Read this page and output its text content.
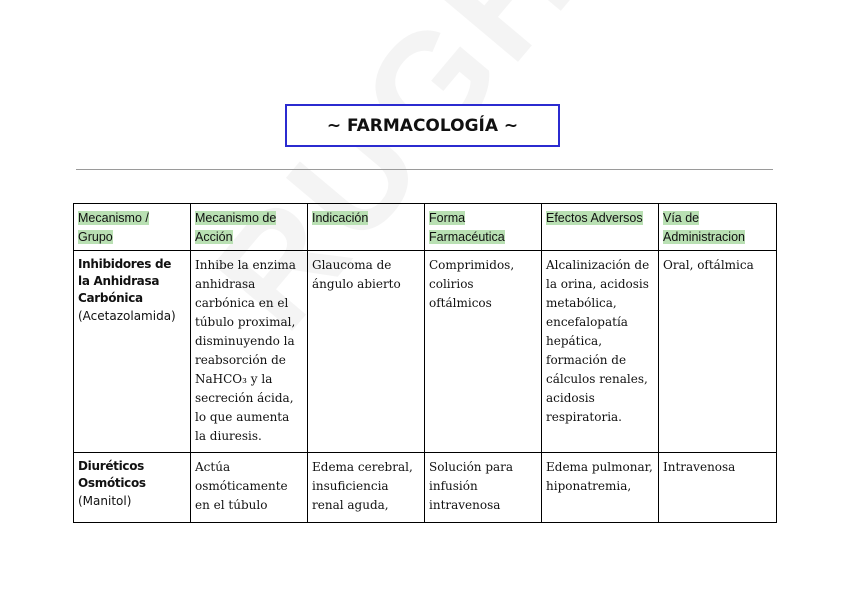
~ FARMACOLOGÍA ~
Mecanismo / Grupo	Mecanismo de Acción	Indicación	Forma Farmacéutica	Efectos Adversos	Vía de Administracion

Inhibidores de la Anhidrasa Carbónica
(Acetazolamida)	Inhibe la enzima anhidrasa carbónica en el túbulo proximal, disminuyendo la reabsorción de NaHCO₃ y la secreción ácida, lo que aumenta la diuresis.	Glaucoma de ángulo abierto	Comprimidos, colirios oftálmicos	Alcalinización de la orina, acidosis metabólica, encefalopatía hepática, formación de cálculos renales, acidosis respiratoria.	Oral, oftálmica

Diuréticos Osmóticos
(Manitol)	Actúa osmóticamente en el túbulo	Edema cerebral, insuficiencia renal aguda,	Solución para infusión intravenosa	Edema pulmonar, hiponatremia,	Intravenosa
